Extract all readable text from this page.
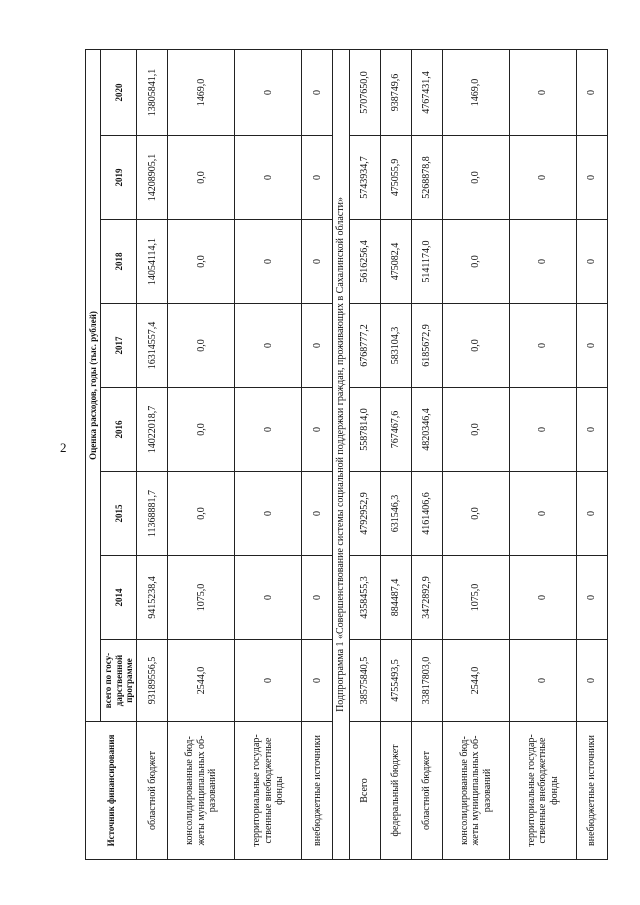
2
Источник финансирования	Оценка расходов, годы (тыс. рублей)							
	всего по госу-дарственной программе	2014	2015	2016	2017	2018	2019	2020
областной бюджет	93189556,5	9415238,4	11368881,7	14022018,7	16314557,4	14054114,1	14208905,1	13805841,1
консолидированные бюд-жеты муниципальных об-разований	2544,0	1075,0	0,0	0,0	0,0	0,0	0,0	1469,0
территориальные государ-ственные внебюджетные фонды	0	0	0	0	0	0	0	0
внебюджетные источники	0	0	0	0	0	0	0	0
Подпрограмма 1 «Совершенствование системы социальной поддержки граждан, проживающих в Сахалинской области»								
Всего	38575840,5	4358455,3	4792952,9	5587814,0	6768777,2	5616256,4	5743934,7	5707650,0
федеральный бюджет	4755493,5	884487,4	631546,3	767467,6	583104,3	475082,4	475055,9	938749,6
областной бюджет	33817803,0	3472892,9	4161406,6	4820346,4	6185672,9	5141174,0	5268878,8	4767431,4
консолидированные бюд-жеты муниципальных об-разований	2544,0	1075,0	0,0	0,0	0,0	0,0	0,0	1469,0
территориальные государ-ственные внебюджетные фонды	0	0	0	0	0	0	0	0
внебюджетные источники	0	0	0	0	0	0	0	0
